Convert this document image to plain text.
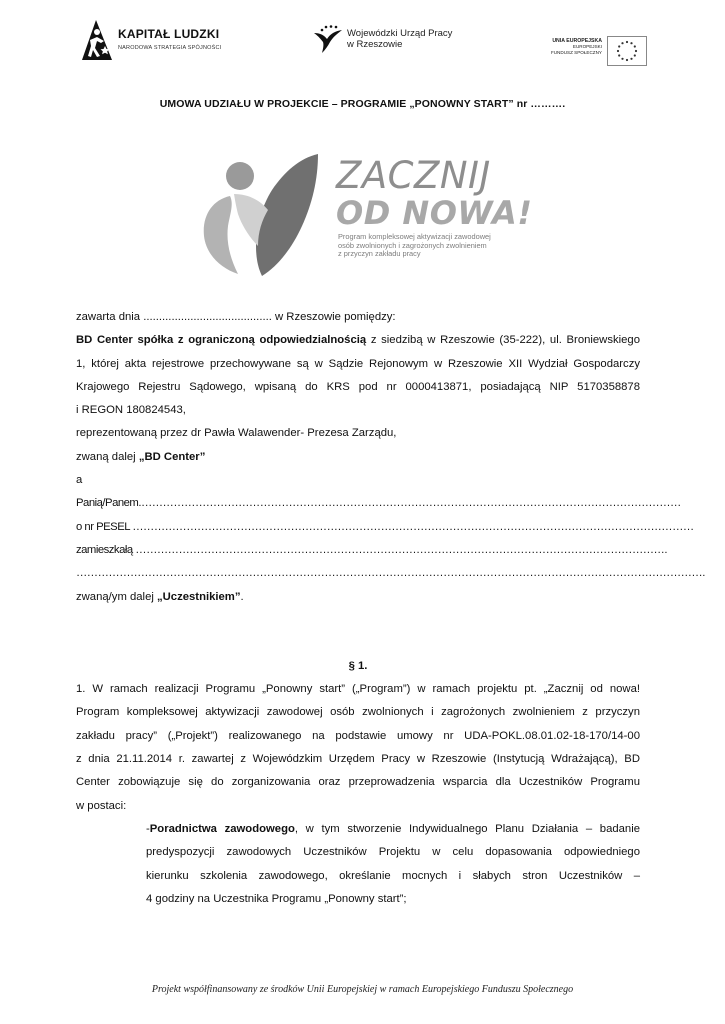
KAPITAŁ LUDZKI
NARODOWA STRATEGIA SPÓJNOŚCI
Wojewódzki Urząd Pracy
w Rzeszowie	UNIA EUROPEJSKA
EUROPEJSKI
FUNDUSZ SPOŁECZNY
UMOWA UDZIAŁU W PROJEKCIE – PROGRAMIE „PONOWNY START” nr ……….
ZACZNIJ
OD NOWA!
Program kompleksowej aktywizacji zawodowej
osób zwolnionych i zagrożonych zwolnieniem
z przyczyn zakładu pracy
zawarta dnia ......................................... w Rzeszowie pomiędzy:
BD Center spółka z ograniczoną odpowiedzialnością z siedzibą w Rzeszowie (35-222), ul. Broniewskiego
1, której akta rejestrowe przechowywane są w Sądzie Rejonowym w Rzeszowie XII Wydział Gospodarczy
Krajowego Rejestru Sądowego, wpisaną do KRS pod nr 0000413871, posiadającą NIP 5170358878
i REGON 180824543,
reprezentowaną przez dr Pawła Walawender- Prezesa Zarządu,
zwaną dalej „BD Center”
a
Panią/Panem.……………………………………………………………………………………………………………………………………
o nr PESEL …………………………………………………………………………………………………………………………………………
zamieszkałą ………………………………………………………………………………………………………………………………….
………………………………………………………………………………………………………………………………………………………….
zwaną/ym dalej „Uczestnikiem”.
§ 1.
1. W ramach realizacji Programu „Ponowny start” („Program”) w ramach projektu pt. „Zacznij od nowa!
Program kompleksowej aktywizacji zawodowej osób zwolnionych i zagrożonych zwolnieniem z przyczyn
zakładu pracy” („Projekt”) realizowanego na podstawie umowy nr UDA-POKL.08.01.02-18-170/14-00
z dnia 21.11.2014 r. zawartej z Wojewódzkim Urzędem Pracy w Rzeszowie (Instytucją Wdrażającą), BD
Center zobowiązuje się do zorganizowania oraz przeprowadzenia wsparcia dla Uczestników Programu
w postaci:
-Poradnictwa zawodowego, w tym stworzenie Indywidualnego Planu Działania – badanie
predyspozycji zawodowych Uczestników Projektu w celu dopasowania odpowiedniego
kierunku szkolenia zawodowego, określanie mocnych i słabych stron Uczestników –
4 godziny na Uczestnika Programu „Ponowny start”;
Projekt współfinansowany ze środków Unii Europejskiej w ramach Europejskiego Funduszu Społecznego
